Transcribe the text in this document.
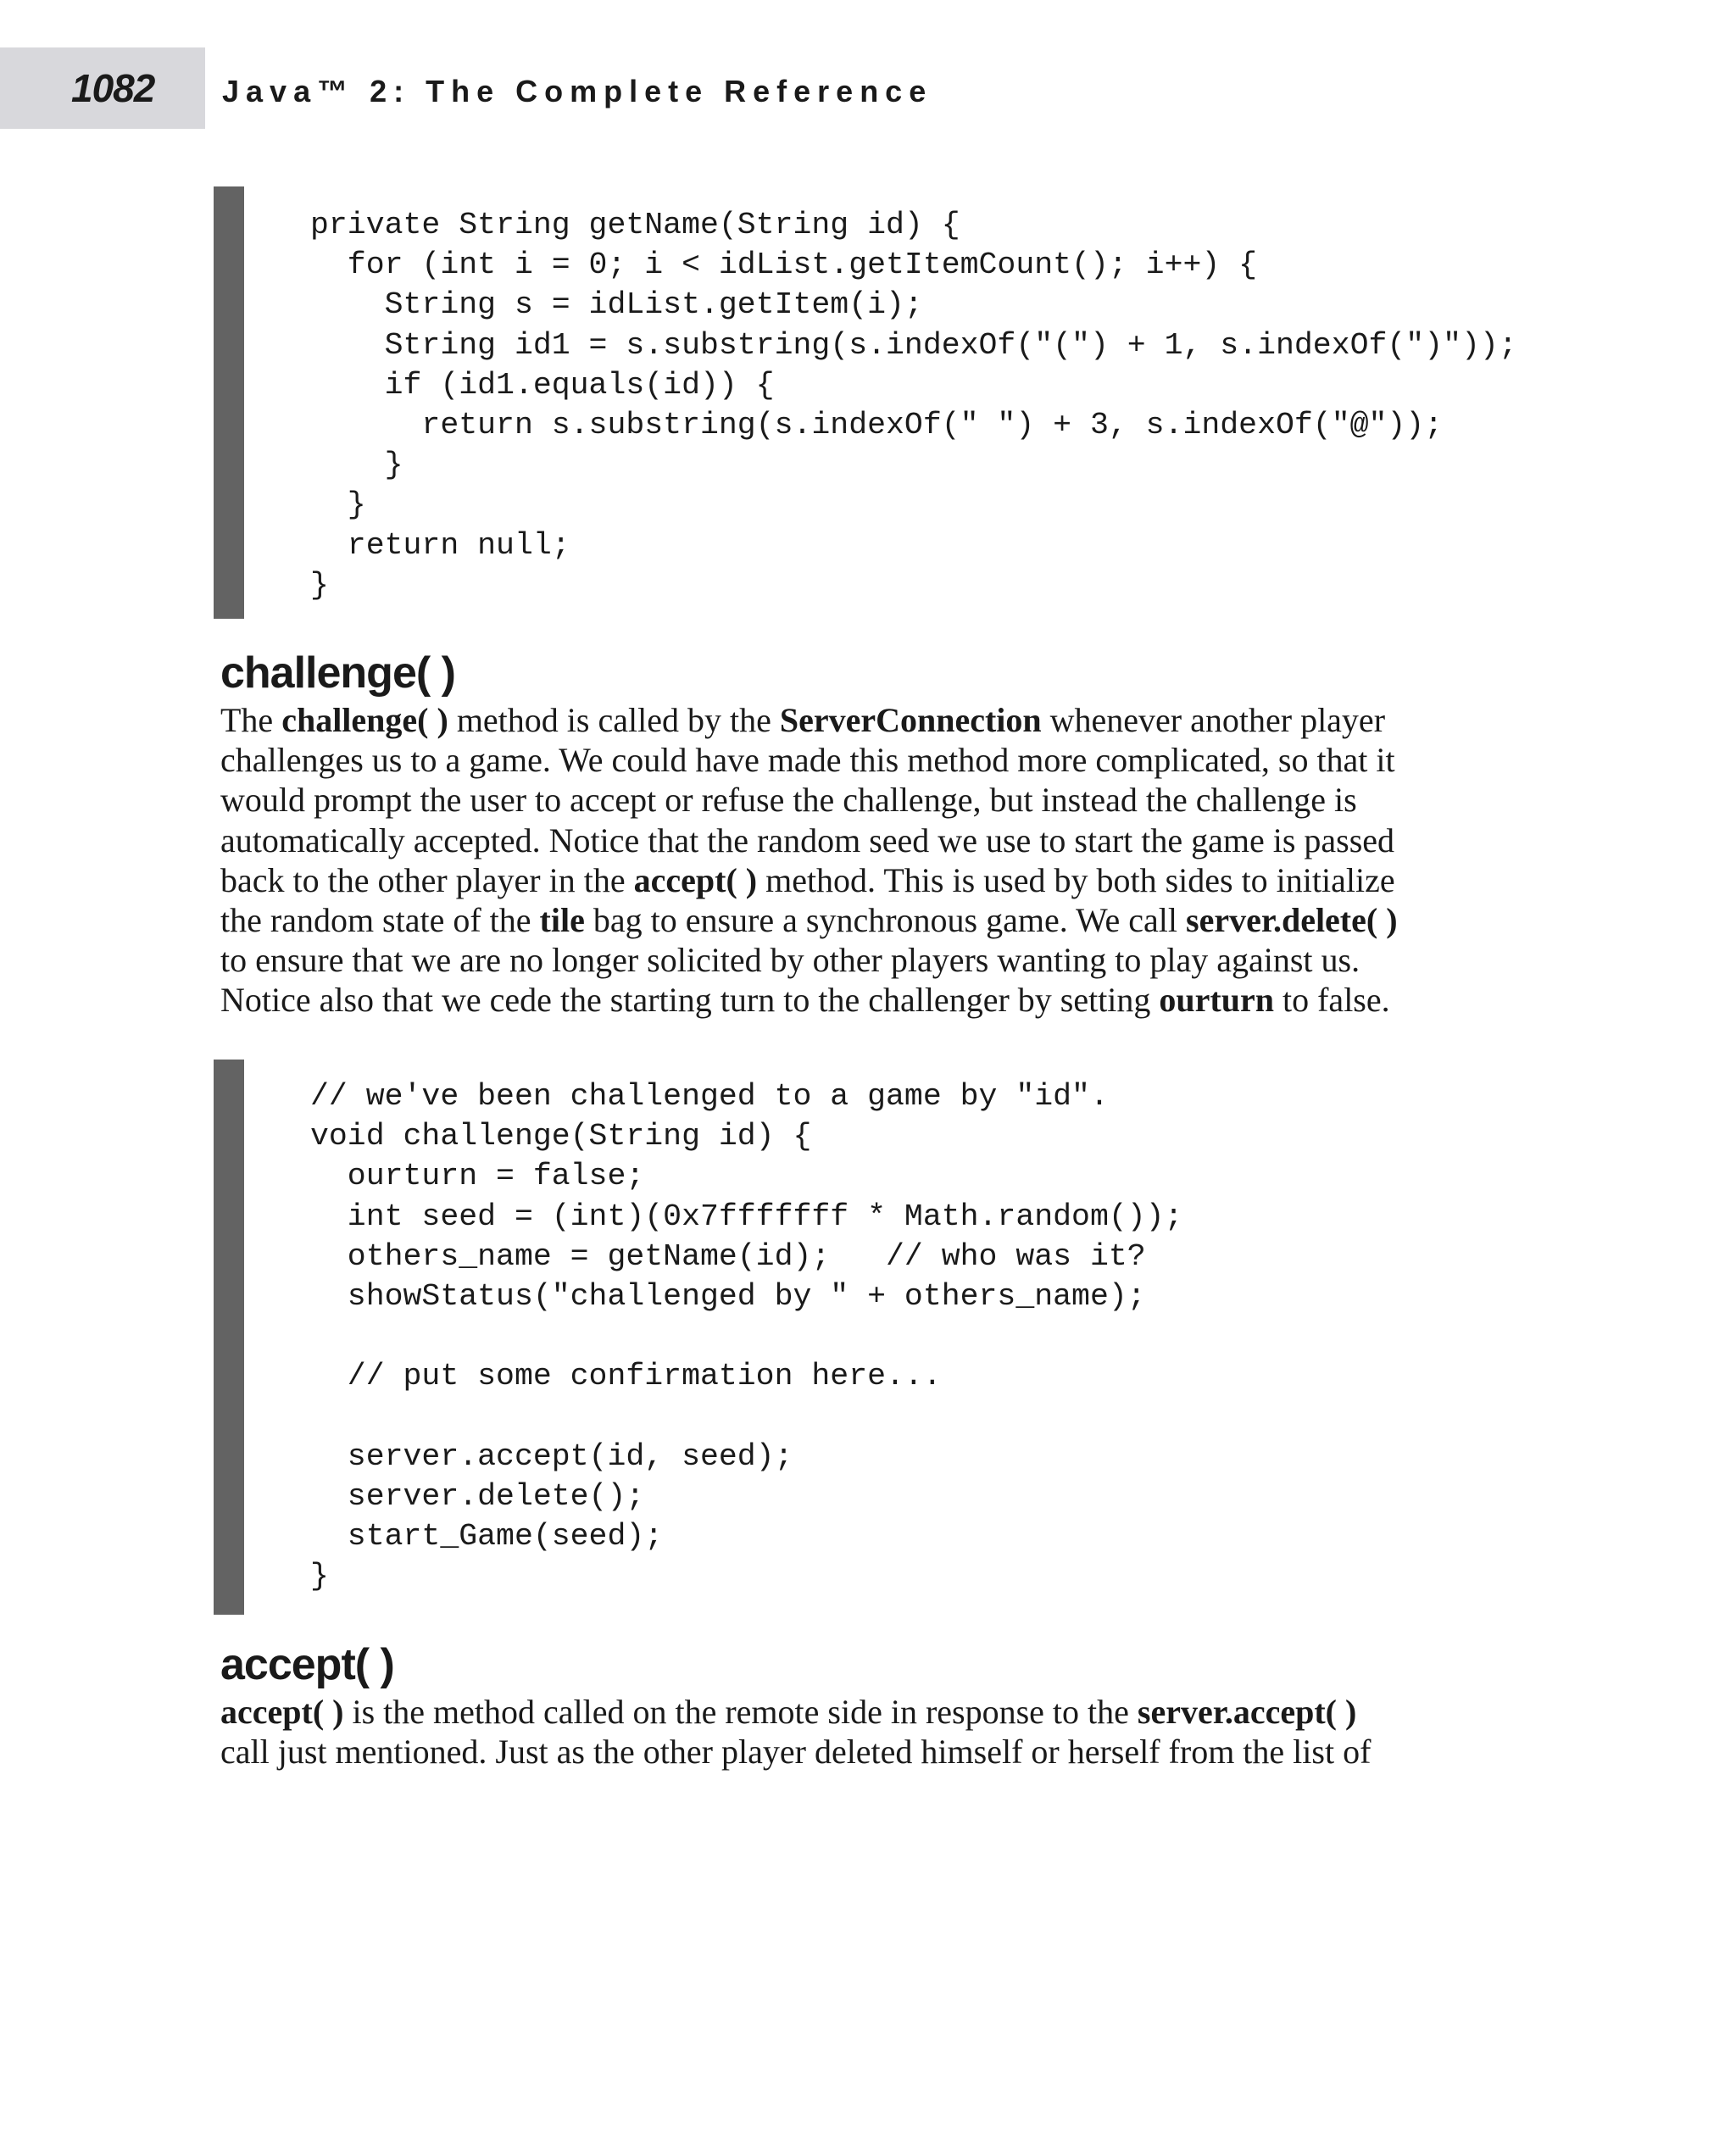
1082 Java™ 2: The Complete Reference
private String getName(String id) {
for (int i = 0; i < idList.getItemCount(); i++) {
String s = idList.getItem(i);
String id1 = s.substring(s.indexOf("(") + 1, s.indexOf(")"));
if (id1.equals(id)) {
return s.substring(s.indexOf(" ") + 3, s.indexOf("@"));
}
}
return null;
}
challenge( )
The challenge( ) method is called by the ServerConnection whenever another player
challenges us to a game. We could have made this method more complicated, so that it
would prompt the user to accept or refuse the challenge, but instead the challenge is
automatically accepted. Notice that the random seed we use to start the game is passed
back to the other player in the accept( ) method. This is used by both sides to initialize
the random state of the tile bag to ensure a synchronous game. We call server.delete( )
to ensure that we are no longer solicited by other players wanting to play against us.
Notice also that we cede the starting turn to the challenger by setting ourturn to false.
// we've been challenged to a game by "id".
void challenge(String id) {
ourturn = false;
int seed = (int)(0x7fffffff * Math.random());
others_name = getName(id);   // who was it?
showStatus("challenged by " + others_name);
// put some confirmation here...
server.accept(id, seed);
server.delete();
start_Game(seed);
}
accept( )
accept( ) is the method called on the remote side in response to the server.accept( )
call just mentioned. Just as the other player deleted himself or herself from the list of
